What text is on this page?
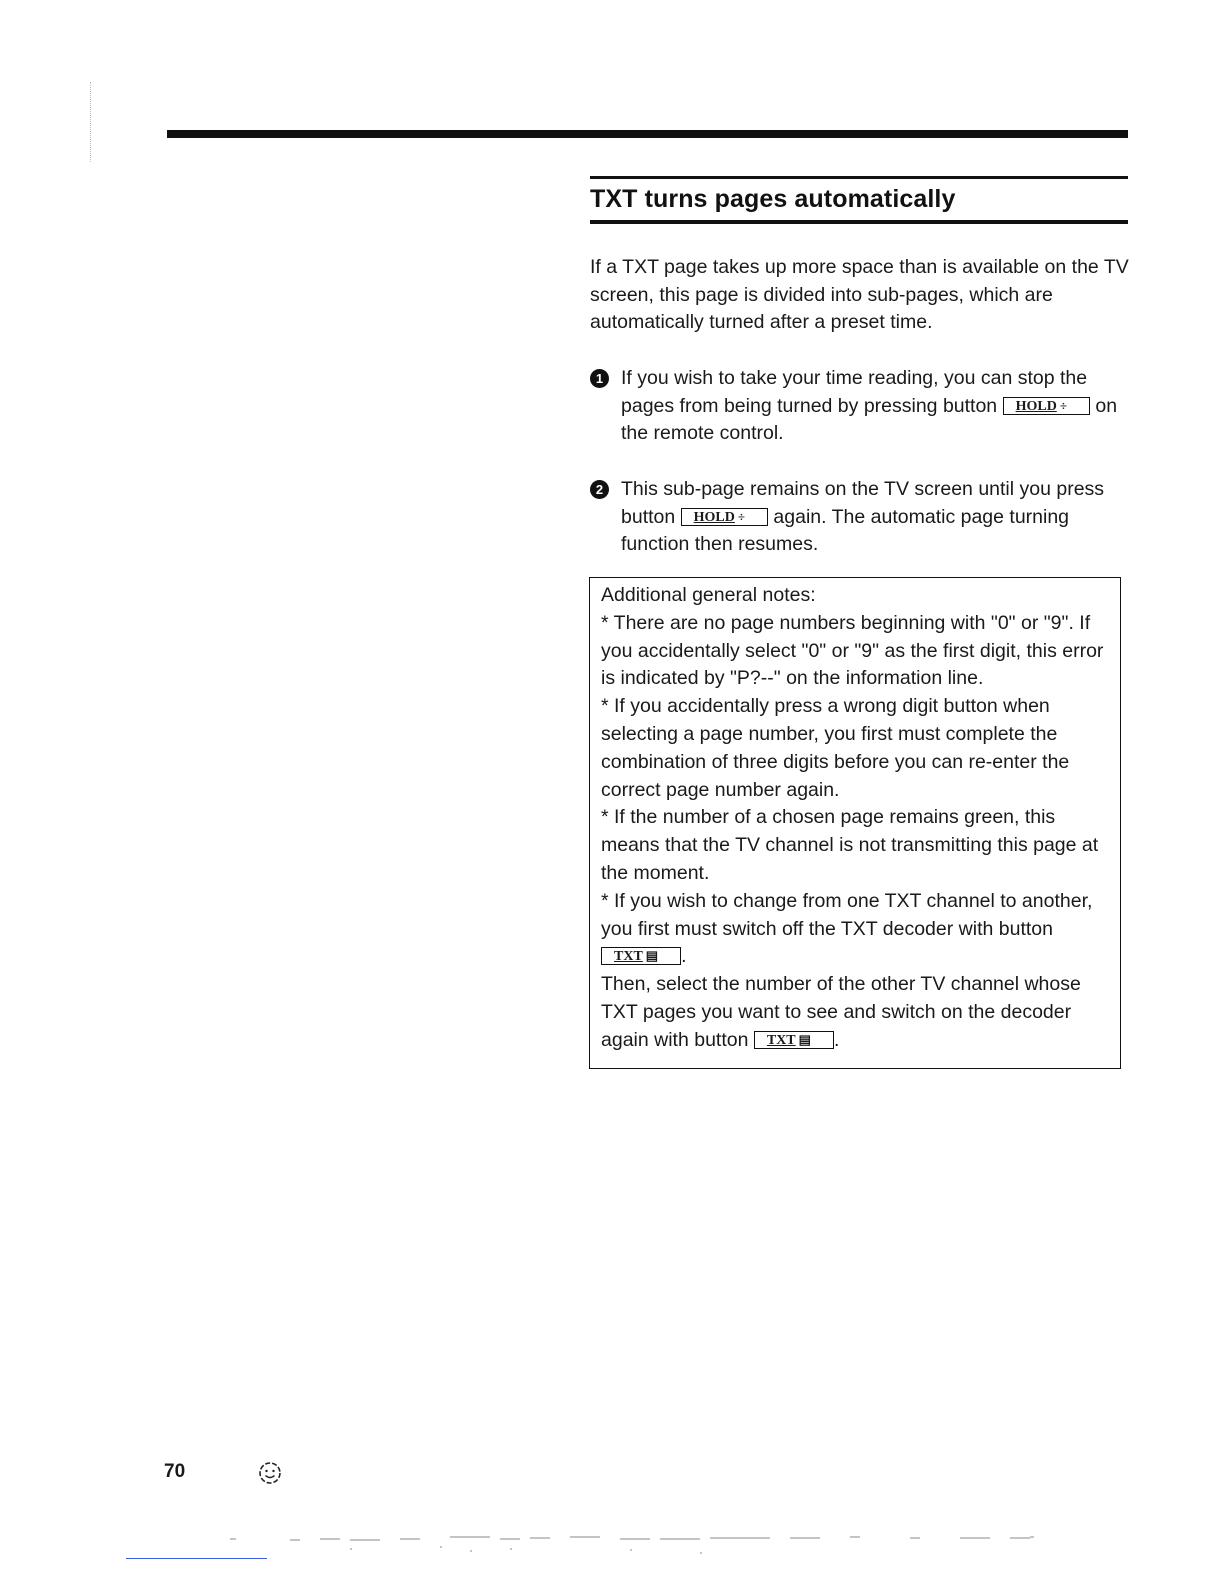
TXT turns pages automatically
If a TXT page takes up more space than is available on the TV screen, this page is divided into sub-pages, which are automatically turned after a preset time.
1 If you wish to take your time reading, you can stop the pages from being turned by pressing button HOLD ÷ on the remote control.
2 This sub-page remains on the TV screen until you press button HOLD ÷ again. The automatic page turning function then resumes.

Additional general notes:

* There are no page numbers beginning with "0" or "9". If you accidentally select "0" or "9" as the first digit, this error is indicated by "P?--" on the information line.

* If you accidentally press a wrong digit button when selecting a page number, you first must complete the combination of three digits before you can re-enter the correct page number again.

* If the number of a chosen page remains green, this means that the TV channel is not transmitting this page at the moment.

* If you wish to change from one TXT channel to another, you first must switch off the TXT decoder with button TXT ▤ .

Then, select the number of the other TV channel whose TXT pages you want to see and switch on the decoder again with button TXT ▤ .

70
